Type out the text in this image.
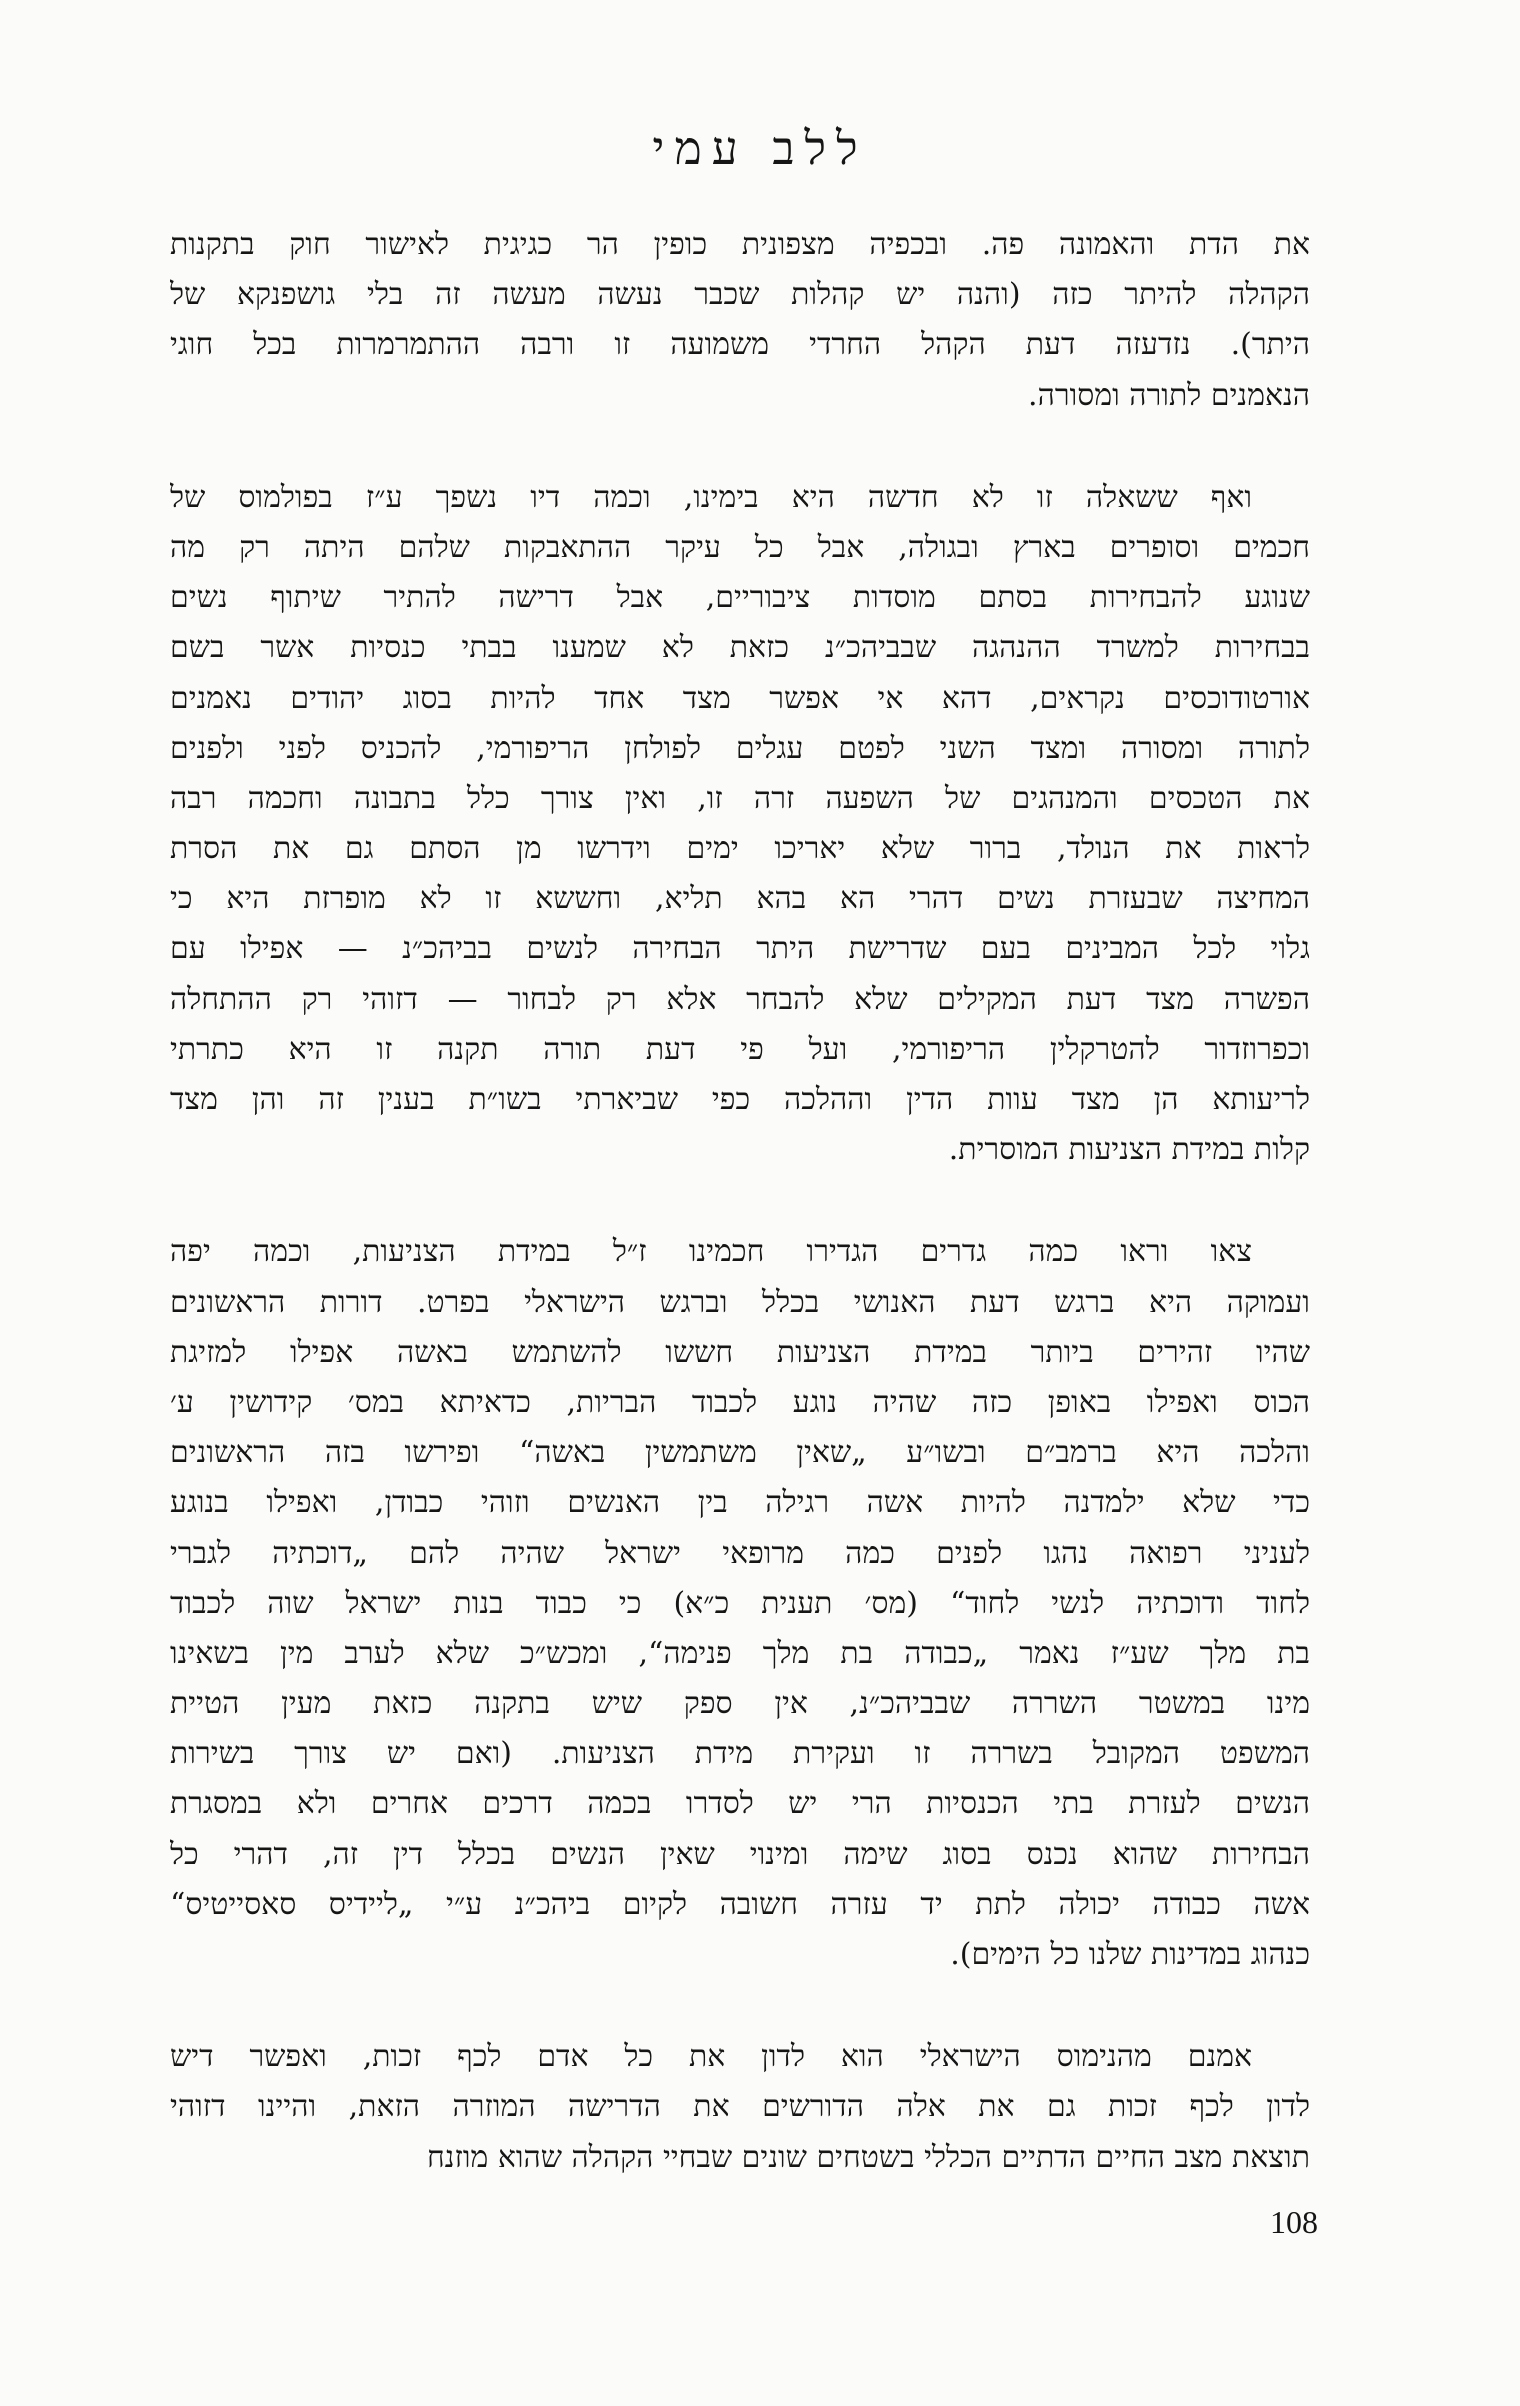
ללב עמי
את הדת והאמונה פה. ובכפיה מצפונית כופין הר כגיגית לאישור חוק בתקנות
הקהלה להיתר כזה (והנה יש קהלות שכבר נעשה מעשה זה בלי גושפנקא של
היתר). נזדעזה דעת הקהל החרדי משמועה זו ורבה ההתמרמרות בכל חוגי
הנאמנים לתורה ומסורה.
ואף ששאלה זו לא חדשה היא בימינו, וכמה דיו נשפך ע״ז בפולמוס של
חכמים וסופרים בארץ ובגולה, אבל כל עיקר ההתאבקות שלהם היתה רק מה
שנוגע להבחירות בסתם מוסדות ציבוריים, אבל דרישה להתיר שיתוף נשים
בבחירות למשרד ההנהגה שבביהכ״נ כזאת לא שמענו בבתי כנסיות אשר בשם
אורטודוכסים נקראים, דהא אי אפשר מצד אחד להיות בסוג יהודים נאמנים
לתורה ומסורה ומצד השני לפטם עגלים לפולחן הריפורמי, להכניס לפני ולפנים
את הטכסים והמנהגים של השפעה זרה זו, ואין צורך כלל בתבונה וחכמה רבה
לראות את הנולד, ברור שלא יאריכו ימים וידרשו מן הסתם גם את הסרת
המחיצה שבעזרת נשים דהרי הא בהא תליא, וחששא זו לא מופרזת היא כי
גלוי לכל המבינים בעם שדרישת היתר הבחירה לנשים בביהכ״נ — אפילו עם
הפשרה מצד דעת המקילים שלא להבחר אלא רק לבחור — דזוהי רק ההתחלה
וכפרוזדור להטרקלין הריפורמי, ועל פי דעת תורה תקנה זו היא כתרתי
לריעותא הן מצד עוות הדין וההלכה כפי שביארתי בשו״ת בענין זה והן מצד
קלות במידת הצניעות המוסרית.
צאו וראו כמה גדרים הגדירו חכמינו ז״ל במידת הצניעות, וכמה יפה
ועמוקה היא ברגש דעת האנושי בכלל וברגש הישראלי בפרט. דורות הראשונים
שהיו זהירים ביותר במידת הצניעות חששו להשתמש באשה אפילו למזיגת
הכוס ואפילו באופן כזה שהיה נוגע לכבוד הבריות, כדאיתא במס׳ קידושין ע׳
והלכה היא ברמב״ם ובשו״ע „שאין משתמשין באשה“ ופירשו בזה הראשונים
כדי שלא ילמדנה להיות אשה רגילה בין האנשים וזוהי כבודן, ואפילו בנוגע
לעניני רפואה נהגו לפנים כמה מרופאי ישראל שהיה להם „דוכתיה לגברי
לחוד ודוכתיה לנשי לחוד“ (מס׳ תענית כ״א) כי כבוד בנות ישראל שוה לכבוד
בת מלך שע״ז נאמר „כבודה בת מלך פנימה“, ומכש״כ שלא לערב מין בשאינו
מינו במשטר השררה שבביהכ״נ, אין ספק שיש בתקנה כזאת מעין הטיית
המשפט המקובל בשררה זו ועקירת מידת הצניעות. (ואם יש צורך בשירות
הנשים לעזרת בתי הכנסיות הרי יש לסדרו בכמה דרכים אחרים ולא במסגרת
הבחירות שהוא נכנס בסוג שימה ומינוי שאין הנשים בכלל דין זה, דהרי כל
אשה כבודה יכולה לתת יד עזרה חשובה לקיום ביהכ״נ ע״י „ליידיס סאסייטיס“
כנהוג במדינות שלנו כל הימים).
אמנם מהנימוס הישראלי הוא לדון את כל אדם לכף זכות, ואפשר דיש
לדון לכף זכות גם את אלה הדורשים את הדרישה המוזרה הזאת, והיינו דזוהי
תוצאת מצב החיים הדתיים הכללי בשטחים שונים שבחיי הקהלה שהוא מוזנח
108
